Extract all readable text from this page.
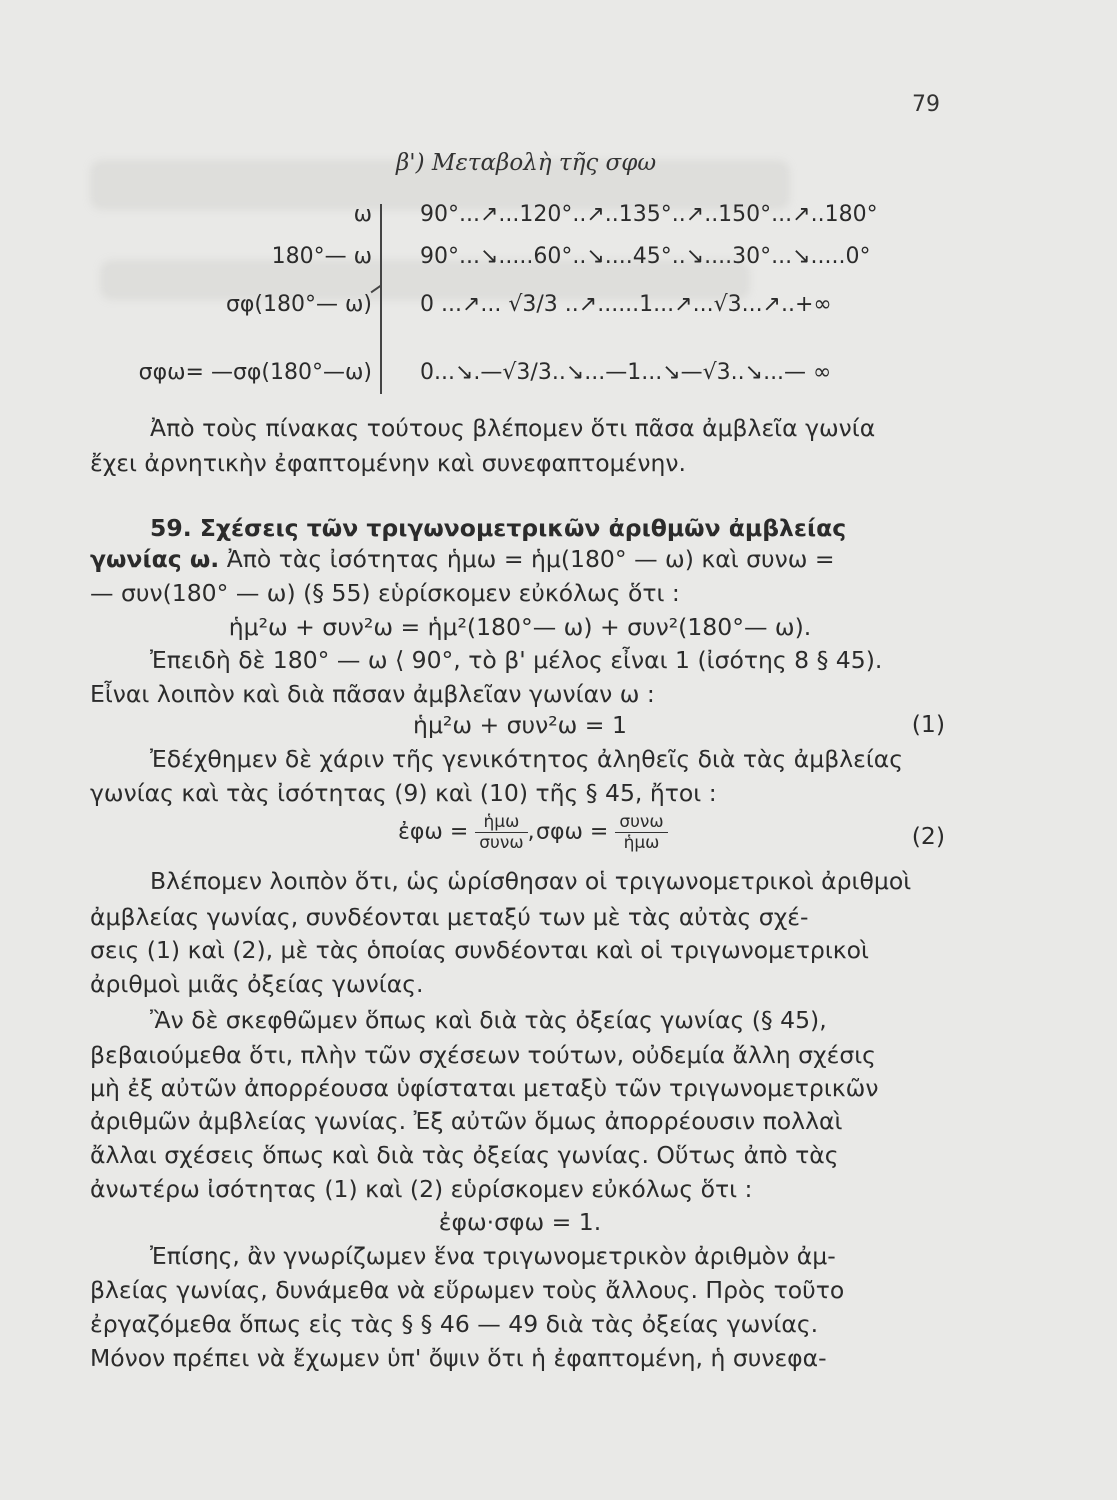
79
β') Μεταβολὴ τῆς σφω
ω 90°...↗...120°..↗..135°..↗..150°...↗..180°
180°— ω 90°...↘.....60°..↘....45°..↘....30°...↘.....0°
σφ(180°— ω) 0 ...↗... √3/3 ..↗......1...↗...√3...↗..+∞
σφω= —σφ(180°—ω) 0...↘.—√3/3..↘...—1...↘—√3..↘...— ∞
Ἀπὸ τοὺς πίνακας τούτους βλέπομεν ὅτι πᾶσα ἀμβλεῖα γωνία
ἔχει ἀρνητικὴν ἐφαπτομένην καὶ συνεφαπτομένην.
59. Σχέσεις τῶν τριγωνομετρικῶν ἀριθμῶν ἀμβλείας
γωνίας ω. Ἀπὸ τὰς ἰσότητας ἡμω = ἡμ(180° — ω) καὶ συνω =
— συν(180° — ω) (§ 55) εὑρίσκομεν εὐκόλως ὅτι :
ἡμ²ω + συν²ω = ἡμ²(180°— ω) + συν²(180°— ω).
Ἐπειδὴ δὲ 180° — ω ⟨ 90°, τὸ β' μέλος εἶναι 1 (ἰσότης 8 § 45).
Εἶναι λοιπὸν καὶ διὰ πᾶσαν ἀμβλεῖαν γωνίαν ω :
ἡμ²ω + συν²ω = 1	(1)
Ἐδέχθημεν δὲ χάριν τῆς γενικότητος ἀληθεῖς διὰ τὰς ἀμβλείας
γωνίας καὶ τὰς ἰσότητας (9) καὶ (10) τῆς § 45, ἤτοι :
ἐφω = $\frac{\text{ἡμω}}{\text{συνω}}$ , $\sigma\varphi\omega = \frac{\text{συνω}}{\text{ἡμω}}$	(2)
Βλέπομεν λοιπὸν ὅτι, ὡς ὡρίσθησαν οἱ τριγωνομετρικοὶ ἀριθμοὶ
ἀμβλείας γωνίας, συνδέονται μεταξύ των μὲ τὰς αὐτὰς σχέ-
σεις (1) καὶ (2), μὲ τὰς ὁποίας συνδέονται καὶ οἱ τριγωνομετρικοὶ
ἀριθμοὶ μιᾶς ὀξείας γωνίας.
Ἂν δὲ σκεφθῶμεν ὅπως καὶ διὰ τὰς ὀξείας γωνίας (§ 45),
βεβαιούμεθα ὅτι, πλὴν τῶν σχέσεων τούτων, οὐδεμία ἄλλη σχέσις
μὴ ἐξ αὐτῶν ἀπορρέουσα ὑφίσταται μεταξὺ τῶν τριγωνομετρικῶν
ἀριθμῶν ἀμβλείας γωνίας. Ἐξ αὐτῶν ὅμως ἀπορρέουσιν πολλαὶ
ἄλλαι σχέσεις ὅπως καὶ διὰ τὰς ὀξείας γωνίας. Οὕτως ἀπὸ τὰς
ἀνωτέρω ἰσότητας (1) καὶ (2) εὑρίσκομεν εὐκόλως ὅτι :
ἐφω·σφω = 1.
Ἐπίσης, ἂν γνωρίζωμεν ἕνα τριγωνομετρικὸν ἀριθμὸν ἀμ-
βλείας γωνίας, δυνάμεθα νὰ εὕρωμεν τοὺς ἄλλους. Πρὸς τοῦτο
ἐργαζόμεθα ὅπως εἰς τὰς § § 46 — 49 διὰ τὰς ὀξείας γωνίας.
Μόνον πρέπει νὰ ἔχωμεν ὑπ' ὄψιν ὅτι ἡ ἐφαπτομένη, ἡ συνεφα-
